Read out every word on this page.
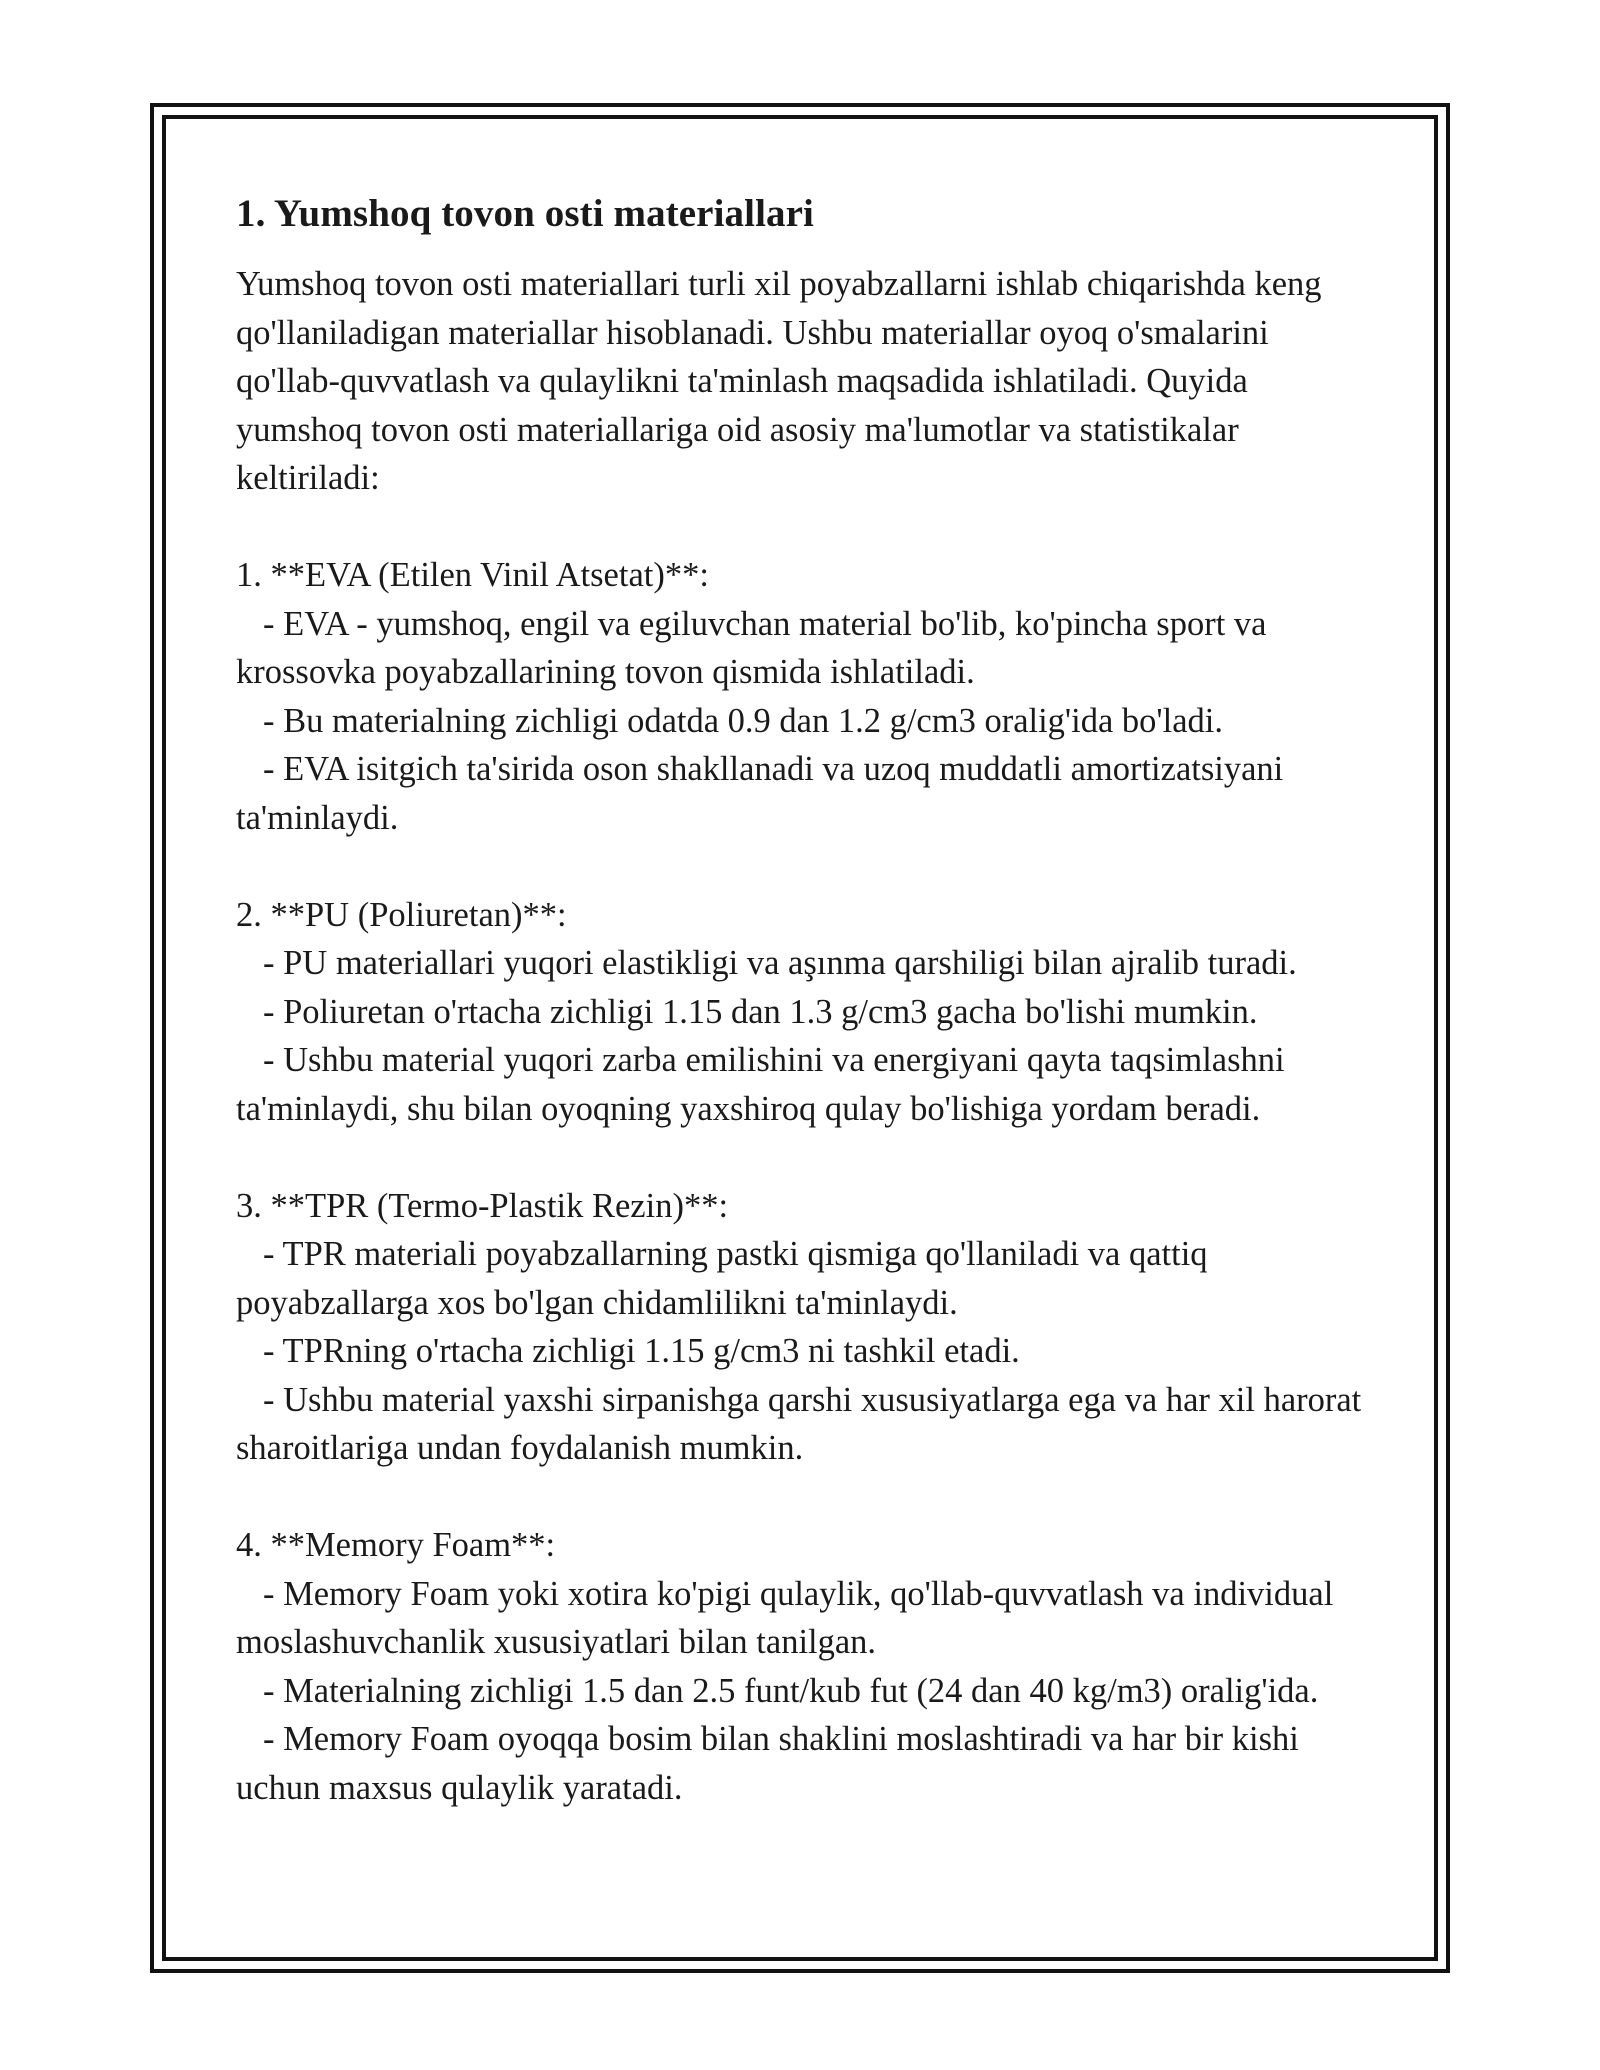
1. Yumshoq tovon osti materiallari

Yumshoq tovon osti materiallari turli xil poyabzallarni ishlab chiqarishda keng qo'llaniladigan materiallar hisoblanadi. Ushbu materiallar oyoq o'smalarini qo'llab-quvvatlash va qulaylikni ta'minlash maqsadida ishlatiladi. Quyida yumshoq tovon osti materiallariga oid asosiy ma'lumotlar va statistikalar keltiriladi:

1. **EVA (Etilen Vinil Atsetat)**:

- EVA - yumshoq, engil va egiluvchan material bo'lib, ko'pincha sport va krossovka poyabzallarining tovon qismida ishlatiladi.

- Bu materialning zichligi odatda 0.9 dan 1.2 g/cm3 oralig'ida bo'ladi.

- EVA isitgich ta'sirida oson shakllanadi va uzoq muddatli amortizatsiyani ta'minlaydi.

2. **PU (Poliuretan)**:

- PU materiallari yuqori elastikligi va aşınma qarshiligi bilan ajralib turadi.

- Poliuretan o'rtacha zichligi 1.15 dan 1.3 g/cm3 gacha bo'lishi mumkin.

- Ushbu material yuqori zarba emilishini va energiyani qayta taqsimlashni ta'minlaydi, shu bilan oyoqning yaxshiroq qulay bo'lishiga yordam beradi.

3. **TPR (Termo-Plastik Rezin)**:

- TPR materiali poyabzallarning pastki qismiga qo'llaniladi va qattiq poyabzallarga xos bo'lgan chidamlilikni ta'minlaydi.

- TPRning o'rtacha zichligi 1.15 g/cm3 ni tashkil etadi.

- Ushbu material yaxshi sirpanishga qarshi xususiyatlarga ega va har xil harorat sharoitlariga undan foydalanish mumkin.

4. **Memory Foam**:

- Memory Foam yoki xotira ko'pigi qulaylik, qo'llab-quvvatlash va individual moslashuvchanlik xususiyatlari bilan tanilgan.

- Materialning zichligi 1.5 dan 2.5 funt/kub fut (24 dan 40 kg/m3) oralig'ida.

- Memory Foam oyoqqa bosim bilan shaklini moslashtiradi va har bir kishi uchun maxsus qulaylik yaratadi.
